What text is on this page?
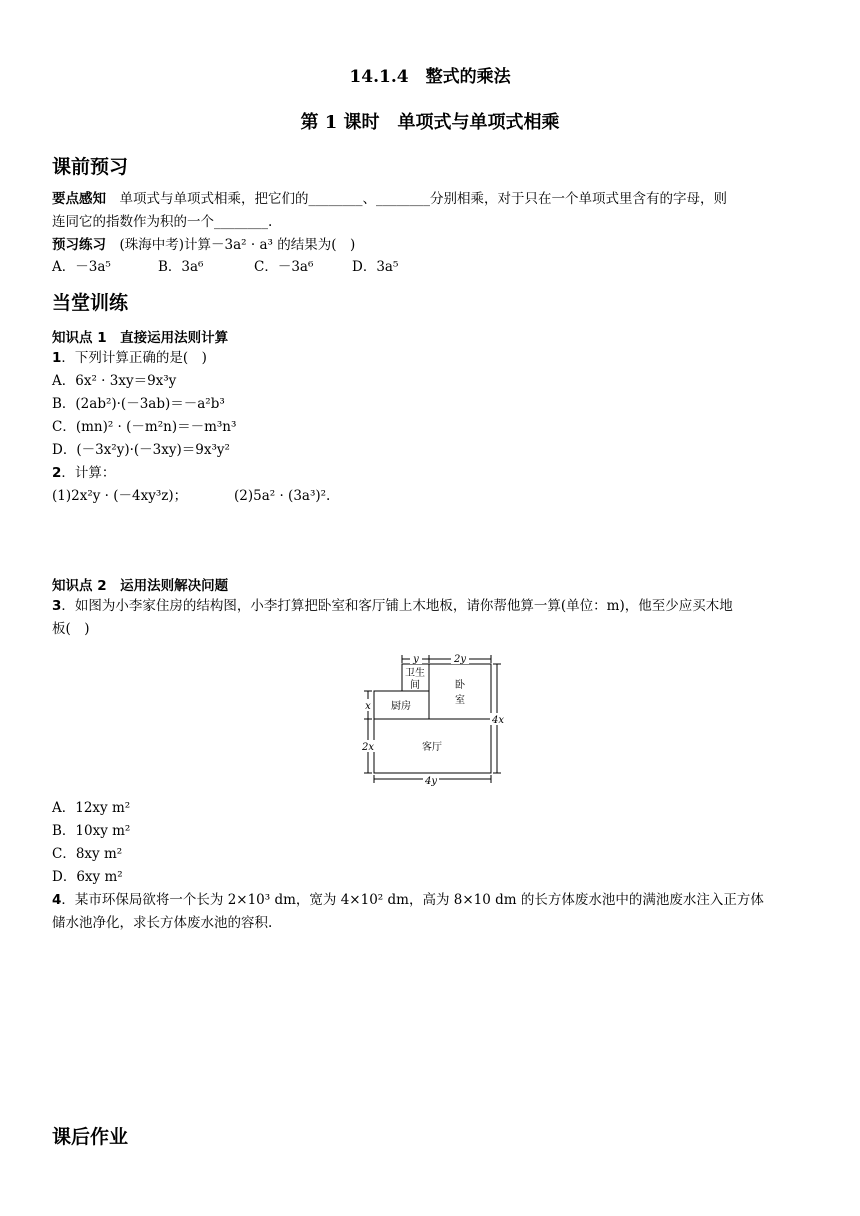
14.1.4　整式的乘法
第 1 课时　单项式与单项式相乘
课前预习
要点感知　单项式与单项式相乘，把它们的________、________分别相乘，对于只在一个单项式里含有的字母，则
连同它的指数作为积的一个________.
预习练习　(珠海中考)计算－3a² · a³ 的结果为(　)
A．－3a⁵	B．3a⁶	C．－3a⁶	D．3a⁵
当堂训练
知识点 1　直接运用法则计算
1．下列计算正确的是(　)
A．6x² · 3xy＝9x³y
B．(2ab²)·(－3ab)＝－a²b³
C．(mn)² · (－m²n)＝－m³n³
D．(－3x²y)·(－3xy)＝9x³y²
2．计算：
(1)2x²y · (－4xy³z)；	(2)5a² · (3a³)².
知识点 2　运用法则解决问题
3．如图为小李家住房的结构图，小李打算把卧室和客厅铺上木地板，请你帮他算一算(单位：m)，他至少应买木地
板(　)
y	2y
x
2x
4x
4y
卫生
间	卧
室
厨房
客厅
A．12xy m²
B．10xy m²
C．8xy m²
D．6xy m²
4．某市环保局欲将一个长为 2×10³ dm，宽为 4×10² dm，高为 8×10 dm 的长方体废水池中的满池废水注入正方体
储水池净化，求长方体废水池的容积.
课后作业
